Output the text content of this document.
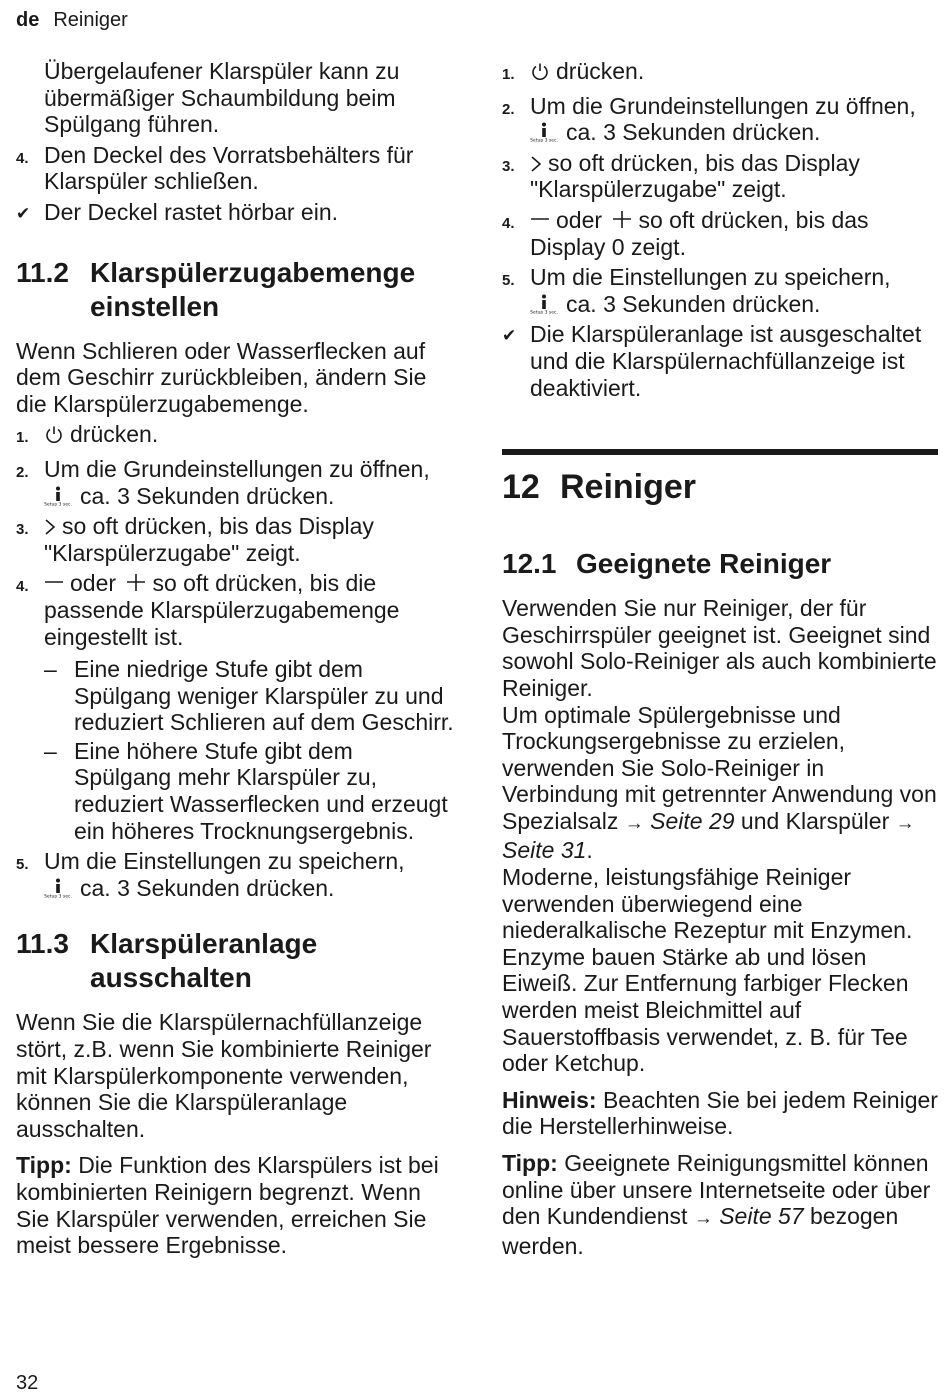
de Reiniger

Übergelaufener Klarspüler kann zu übermäßiger Schaumbildung beim Spülgang führen.

4. Den Deckel des Vorratsbehälters für Klarspüler schließen.
✔ Der Deckel rastet hörbar ein.
11.2 Klarspülerzugabemenge einstellen

Wenn Schlieren oder Wasserflecken auf dem Geschirr zurückbleiben, ändern Sie die Klarspülerzugabemenge.

1.	drücken.
2. Um die Grundeinstellungen zu öffnen,
Setup 3 sec. ca. 3 Sekunden drücken.
3.	so oft drücken, bis das Display "Klarspülerzugabe" zeigt.
4.	oder so oft drücken, bis die passende Klarspülerzugabemenge eingestellt ist.
– Eine niedrige Stufe gibt dem Spülgang weniger Klarspüler zu und reduziert Schlieren auf dem Geschirr.
– Eine höhere Stufe gibt dem Spülgang mehr Klarspüler zu, reduziert Wasserflecken und erzeugt ein höheres Trocknungsergebnis.
5. Um die Einstellungen zu speichern,

Setup 3 sec. ca. 3 Sekunden drücken.
11.3 Klarspüleranlage ausschalten

Wenn Sie die Klarspülernachfüllanzeige stört, z.B. wenn Sie kombinierte Reiniger mit Klarspülerkomponente verwenden, können Sie die Klarspüleranlage ausschalten.

Tipp: Die Funktion des Klarspülers ist bei kombinierten Reinigern begrenzt. Wenn Sie Klarspüler verwenden, erreichen Sie meist bessere Ergebnisse.

1.	drücken.
2. Um die Grundeinstellungen zu öffnen,
Setup 3 sec. ca. 3 Sekunden drücken.
3.	so oft drücken, bis das Display "Klarspülerzugabe" zeigt.
4.	oder so oft drücken, bis das Display 0 zeigt.
5. Um die Einstellungen zu speichern,

Setup 3 sec. ca. 3 Sekunden drücken.
✔ Die Klarspüleranlage ist ausgeschaltet und die Klarspülernachfüllanzeige ist deaktiviert.
12 Reiniger
12.1 Geeignete Reiniger

Verwenden Sie nur Reiniger, der für Geschirrspüler geeignet ist. Geeignet sind sowohl Solo-Reiniger als auch kombinierte Reiniger.

Um optimale Spülergebnisse und Trockungsergebnisse zu erzielen, verwenden Sie Solo-Reiniger in Verbindung mit getrennter Anwendung von Spezialsalz → Seite 29 und Klarspüler → Seite 31.

Moderne, leistungsfähige Reiniger verwenden überwiegend eine niederalkalische Rezeptur mit Enzymen. Enzyme bauen Stärke ab und lösen Eiweiß. Zur Entfernung farbiger Flecken werden meist Bleichmittel auf Sauerstoffbasis verwendet, z. B. für Tee oder Ketchup.

Hinweis: Beachten Sie bei jedem Reiniger die Herstellerhinweise.

Tipp: Geeignete Reinigungsmittel können online über unsere Internetseite oder über den Kundendienst → Seite 57 bezogen werden.

32
